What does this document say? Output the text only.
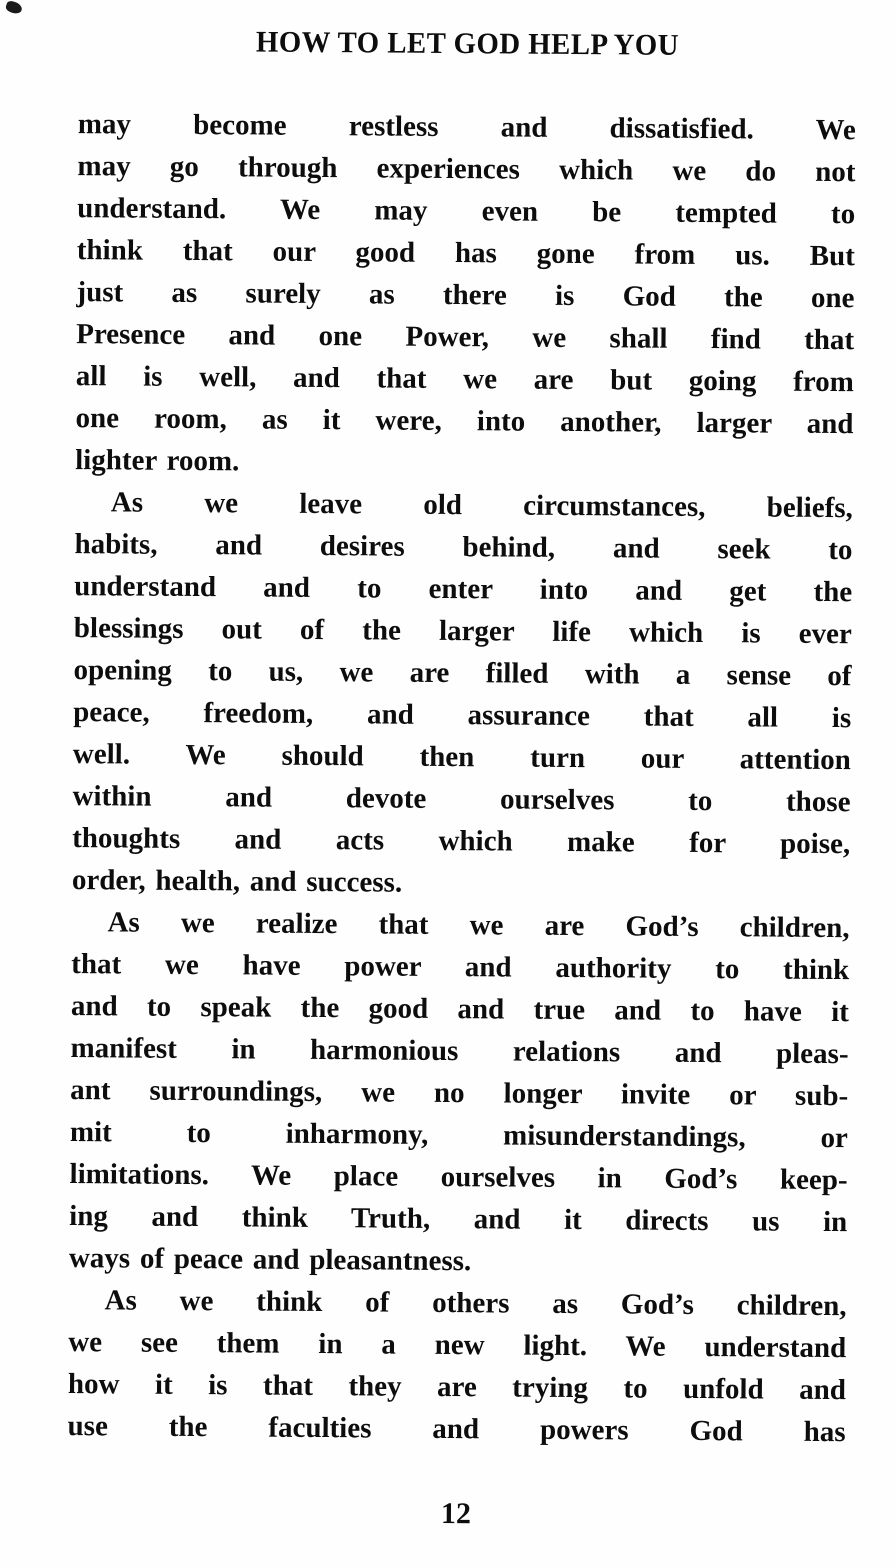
HOW TO LET GOD HELP YOU
may become restless and dissatisfied. We
may go through experiences which we do not
understand. We may even be tempted to
think that our good has gone from us. But
just as surely as there is God the one
Presence and one Power, we shall find that
all is well, and that we are but going from
one room, as it were, into another, larger and
lighter room.
As we leave old circumstances, beliefs,
habits, and desires behind, and seek to
understand and to enter into and get the
blessings out of the larger life which is ever
opening to us, we are filled with a sense of
peace, freedom, and assurance that all is
well. We should then turn our attention
within and devote ourselves to those
thoughts and acts which make for poise,
order, health, and success.
As we realize that we are God’s children,
that we have power and authority to think
and to speak the good and true and to have it
manifest in harmonious relations and pleas-
ant surroundings, we no longer invite or sub-
mit to inharmony, misunderstandings, or
limitations. We place ourselves in God’s keep-
ing and think Truth, and it directs us in
ways of peace and pleasantness.
As we think of others as God’s children,
we see them in a new light. We understand
how it is that they are trying to unfold and
use the faculties and powers God has
12
